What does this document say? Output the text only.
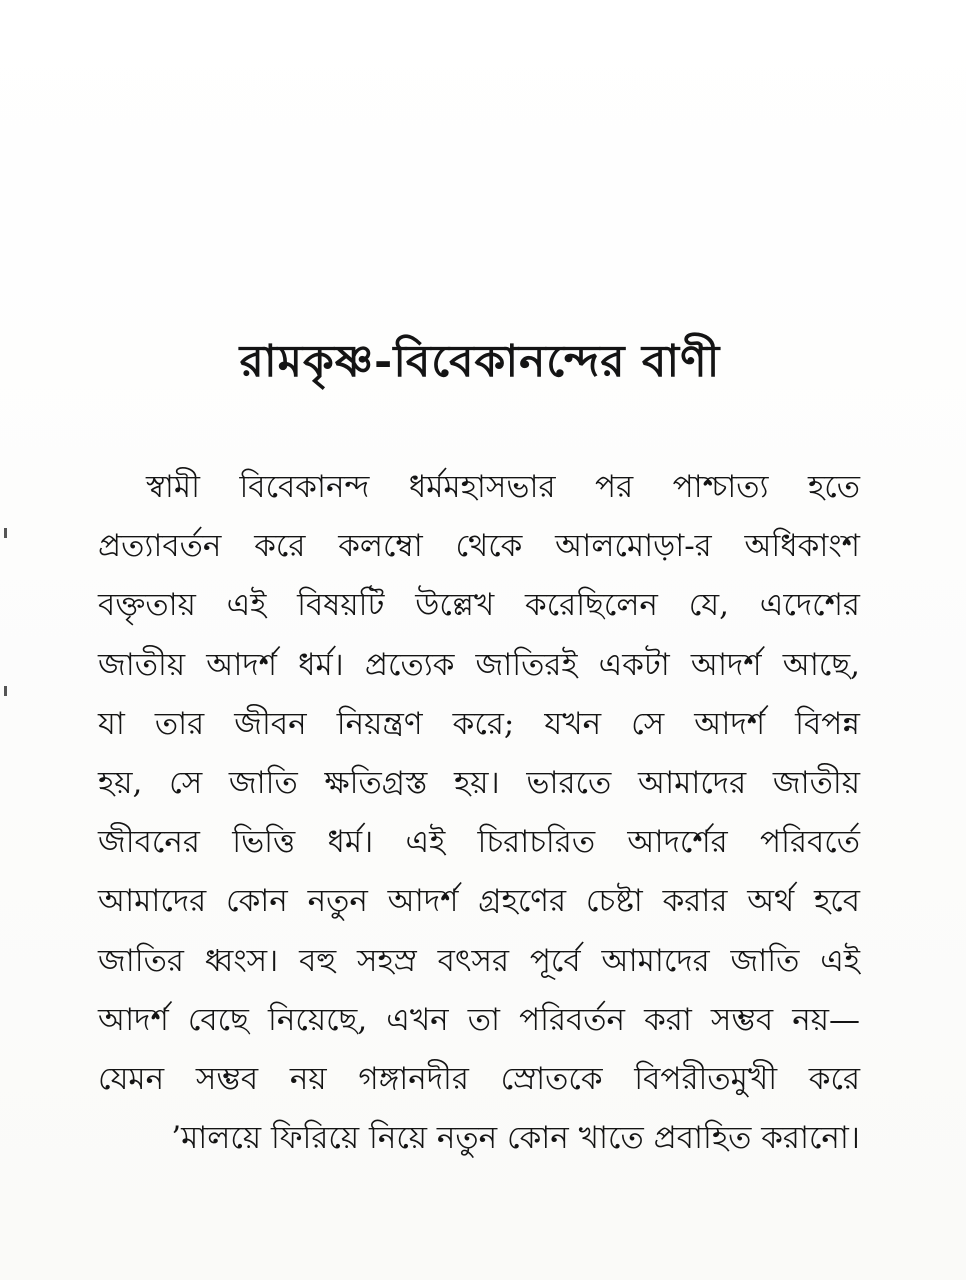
রামকৃষ্ণ-বিবেকানন্দের বাণী
স্বামী বিবেকানন্দ ধর্মমহাসভার পর পাশ্চাত্য হতে
প্রত্যাবর্তন করে কলম্বো থেকে আলমোড়া-র অধিকাংশ
বক্তৃতায় এই বিষয়টি উল্লেখ করেছিলেন যে, এদেশের
জাতীয় আদর্শ ধর্ম। প্রত্যেক জাতিরই একটা আদর্শ আছে,
যা তার জীবন নিয়ন্ত্রণ করে; যখন সে আদর্শ বিপন্ন
হয়, সে জাতি ক্ষতিগ্রস্ত হয়। ভারতে আমাদের জাতীয়
জীবনের ভিত্তি ধর্ম। এই চিরাচরিত আদর্শের পরিবর্তে
আমাদের কোন নতুন আদর্শ গ্রহণের চেষ্টা করার অর্থ হবে
জাতির ধ্বংস। বহু সহস্র বৎসর পূর্বে আমাদের জাতি এই
আদর্শ বেছে নিয়েছে, এখন তা পরিবর্তন করা সম্ভব নয়—
যেমন সম্ভব নয় গঙ্গানদীর স্রোতকে বিপরীতমুখী করে
’মালয়ে ফিরিয়ে নিয়ে নতুন কোন খাতে প্রবাহিত করানো।
